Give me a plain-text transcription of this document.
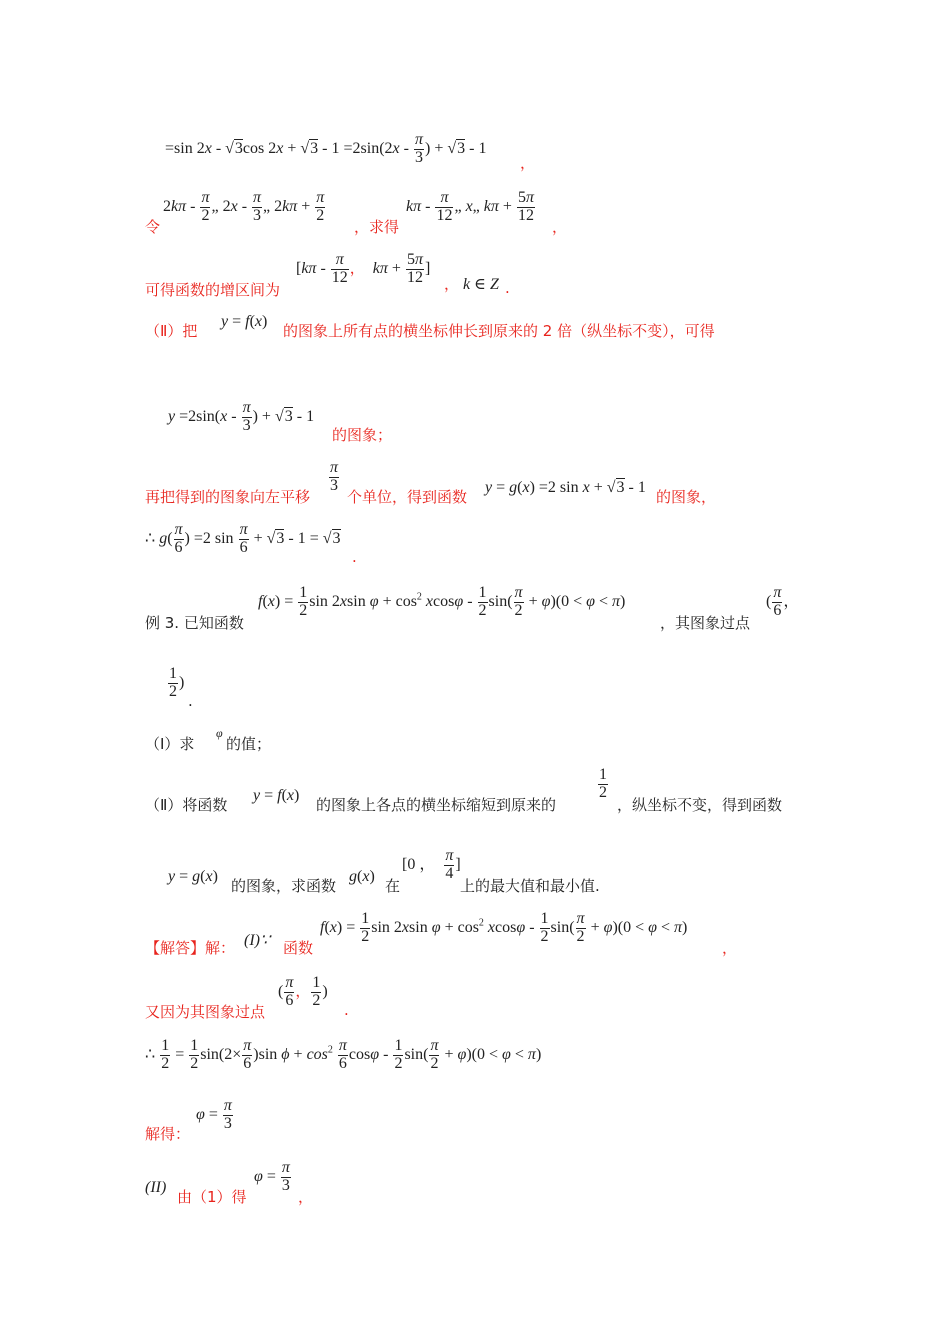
=sin 2x - √3cos $2x + √3 - 1 =2\sin(2x - \frac{\pi}{3}$ ) + √3 - 1
，
令
$2k\pi - \frac{\pi}{2}$ „ $2x - \frac{\pi}{3}$ „ $2k\pi + \frac{\pi}{2}$
，求得
kπ - $\frac{\pi}{12}$ „ x„ $k\pi + \frac{5\pi}{12}$
，
可得函数的增区间为
[$k\pi - \frac{\pi}{12}$ ， $k\pi + \frac{5\pi}{12}$ ]
， k ∈ Z .
（Ⅱ）把
y = f(x)
的图象上所有点的横坐标伸长到原来的 2 倍（纵坐标不变），可得
$y =2\sin(x - \frac{\pi}{3}$ ) + √3 - 1
的图象；
再把得到的图象向左平移
$\frac{\pi}{3}$
个单位，得到函数
y = g(x) =2 sin x + √3 - 1
的图象，
∴ $g( \frac{\pi}{6}$ ) =2 $\sin \frac{\pi}{6} + √3 - 1 = √3$
.
例 3. 已知函数
$f(x) = \frac{1}{2}$ sin 2xsin $\varphi + \cos^2 xcos\varphi - \frac{1}{2} \sin( \frac{\pi}{2} + \varphi)(0 < \varphi < \pi)$
，其图象过点
( $\frac{\pi}{6}$ ，
$\frac{1}{2}$ )
.
（Ⅰ）求
φ
的值；
（Ⅱ）将函数
y = f(x)
的图象上各点的横坐标缩短到原来的
$\frac{1}{2}$
，纵坐标不变，得到函数
y = g(x)
的图象，求函数
g(x)
在
[0 ， $\frac{\pi}{4}$ ]
上的最大值和最小值.
【解答】解： (I)∵ 函数
$f(x) = \frac{1}{2}$ sin 2xsin $\varphi + \cos^2 xcos\varphi - \frac{1}{2} \sin( \frac{\pi}{2} + \varphi)(0 < \varphi < \pi)$
，
又因为其图象过点
( $\frac{\pi}{6}$ ， $\frac{1}{2}$ )
.
∴ $\frac{1}{2} = \frac{1}{2} \sin(2\times \frac{\pi}{6} )\sin$ $\phi + \cos^2 \frac{\pi}{6}$ $\cos\varphi - \frac{1}{2} \sin( \frac{\pi}{2} + \varphi)(0 < \varphi < \pi)$
解得：
$\varphi = \frac{\pi}{3}$
(II)
由（1）得
$\varphi = \frac{\pi}{3}$
，
